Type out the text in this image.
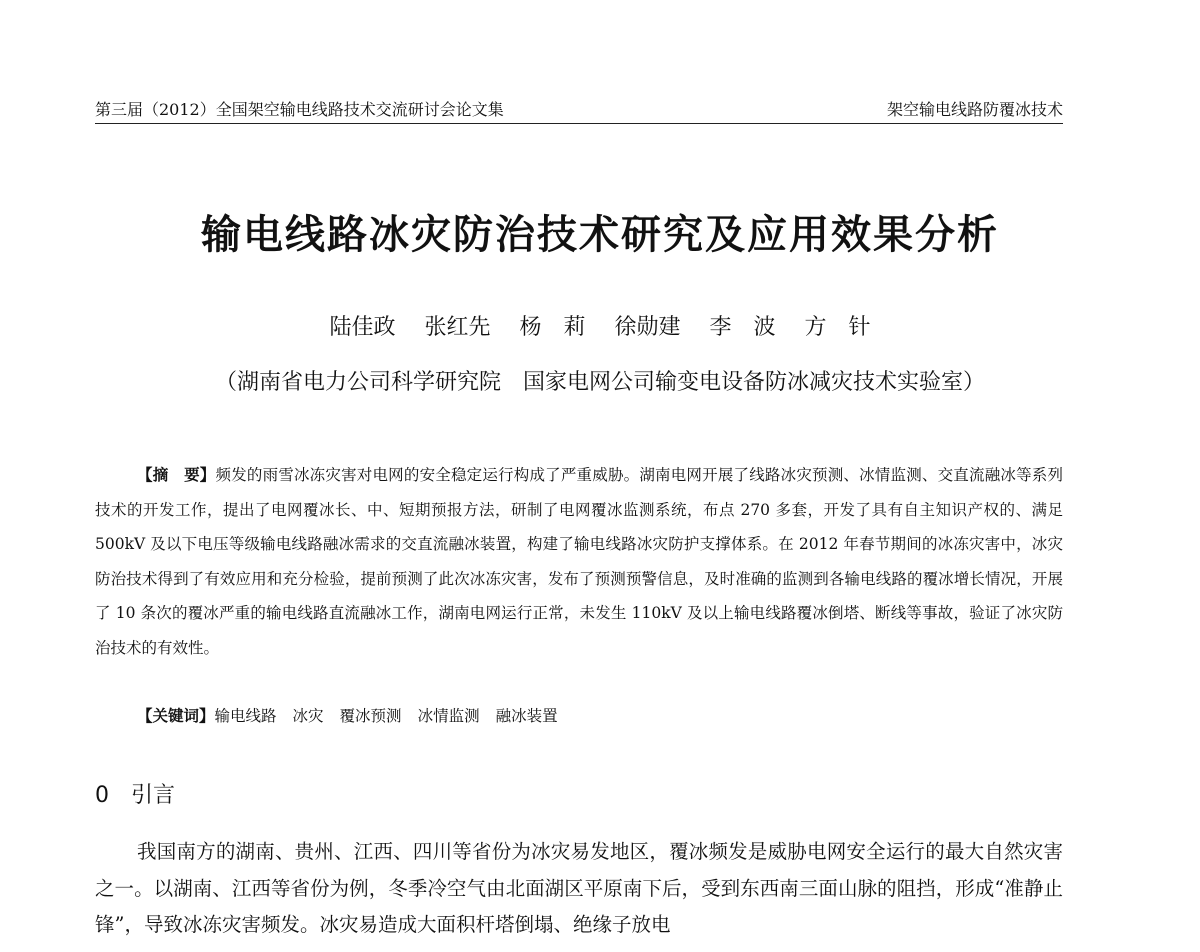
第三届（2012）全国架空输电线路技术交流研讨会论文集	架空输电线路防覆冰技术
输电线路冰灾防治技术研究及应用效果分析
陆佳政 张红先 杨　莉 徐勋建 李　波 方　针
（湖南省电力公司科学研究院　国家电网公司输变电设备防冰减灾技术实验室）
【摘　要】频发的雨雪冰冻灾害对电网的安全稳定运行构成了严重威胁。湖南电网开展了线路冰灾预测、冰情监测、交直流融冰等系列技术的开发工作，提出了电网覆冰长、中、短期预报方法，研制了电网覆冰监测系统，布点 270 多套，开发了具有自主知识产权的、满足 500kV 及以下电压等级输电线路融冰需求的交直流融冰装置，构建了输电线路冰灾防护支撑体系。在 2012 年春节期间的冰冻灾害中，冰灾防治技术得到了有效应用和充分检验，提前预测了此次冰冻灾害，发布了预测预警信息，及时准确的监测到各输电线路的覆冰增长情况，开展了 10 条次的覆冰严重的输电线路直流融冰工作，湖南电网运行正常，未发生 110kV 及以上输电线路覆冰倒塔、断线等事故，验证了冰灾防治技术的有效性。
【关键词】输电线路 冰灾 覆冰预测 冰情监测 融冰装置
0 引言
我国南方的湖南、贵州、江西、四川等省份为冰灾易发地区，覆冰频发是威胁电网安全运行的最大自然灾害之一。以湖南、江西等省份为例，冬季冷空气由北面湖区平原南下后，受到东西南三面山脉的阻挡，形成“准静止锋”，导致冰冻灾害频发。冰灾易造成大面积杆塔倒塌、绝缘子放电
